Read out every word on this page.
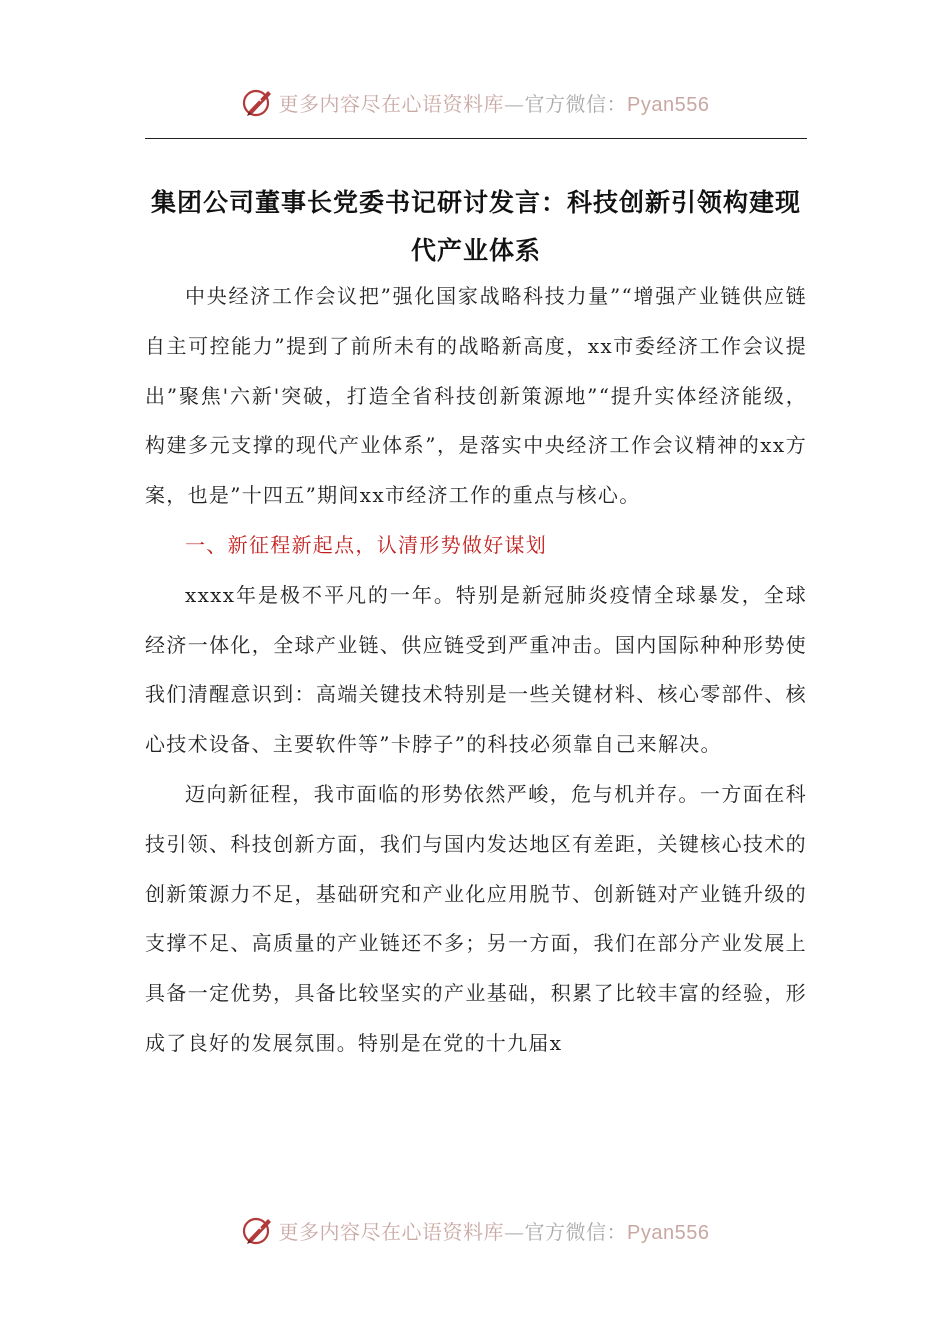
更多内容尽在心语资料库—官方微信：Pyan556
集团公司董事长党委书记研讨发言：科技创新引领构建现代产业体系

中央经济工作会议把”强化国家战略科技力量”“增强产业链供应链自主可控能力”提到了前所未有的战略新高度，xx市委经济工作会议提出”聚焦'六新'突破，打造全省科技创新策源地”“提升实体经济能级，构建多元支撑的现代产业体系”，是落实中央经济工作会议精神的xx方案，也是”十四五”期间xx市经济工作的重点与核心。

一、新征程新起点，认清形势做好谋划

xxxx年是极不平凡的一年。特别是新冠肺炎疫情全球暴发，全球经济一体化，全球产业链、供应链受到严重冲击。国内国际种种形势使我们清醒意识到：高端关键技术特别是一些关键材料、核心零部件、核心技术设备、主要软件等”卡脖子”的科技必须靠自己来解决。

迈向新征程，我市面临的形势依然严峻，危与机并存。一方面在科技引领、科技创新方面，我们与国内发达地区有差距，关键核心技术的创新策源力不足，基础研究和产业化应用脱节、创新链对产业链升级的支撑不足、高质量的产业链还不多；另一方面，我们在部分产业发展上具备一定优势，具备比较坚实的产业基础，积累了比较丰富的经验，形成了良好的发展氛围。特别是在党的十九届x

更多内容尽在心语资料库—官方微信：Pyan556
